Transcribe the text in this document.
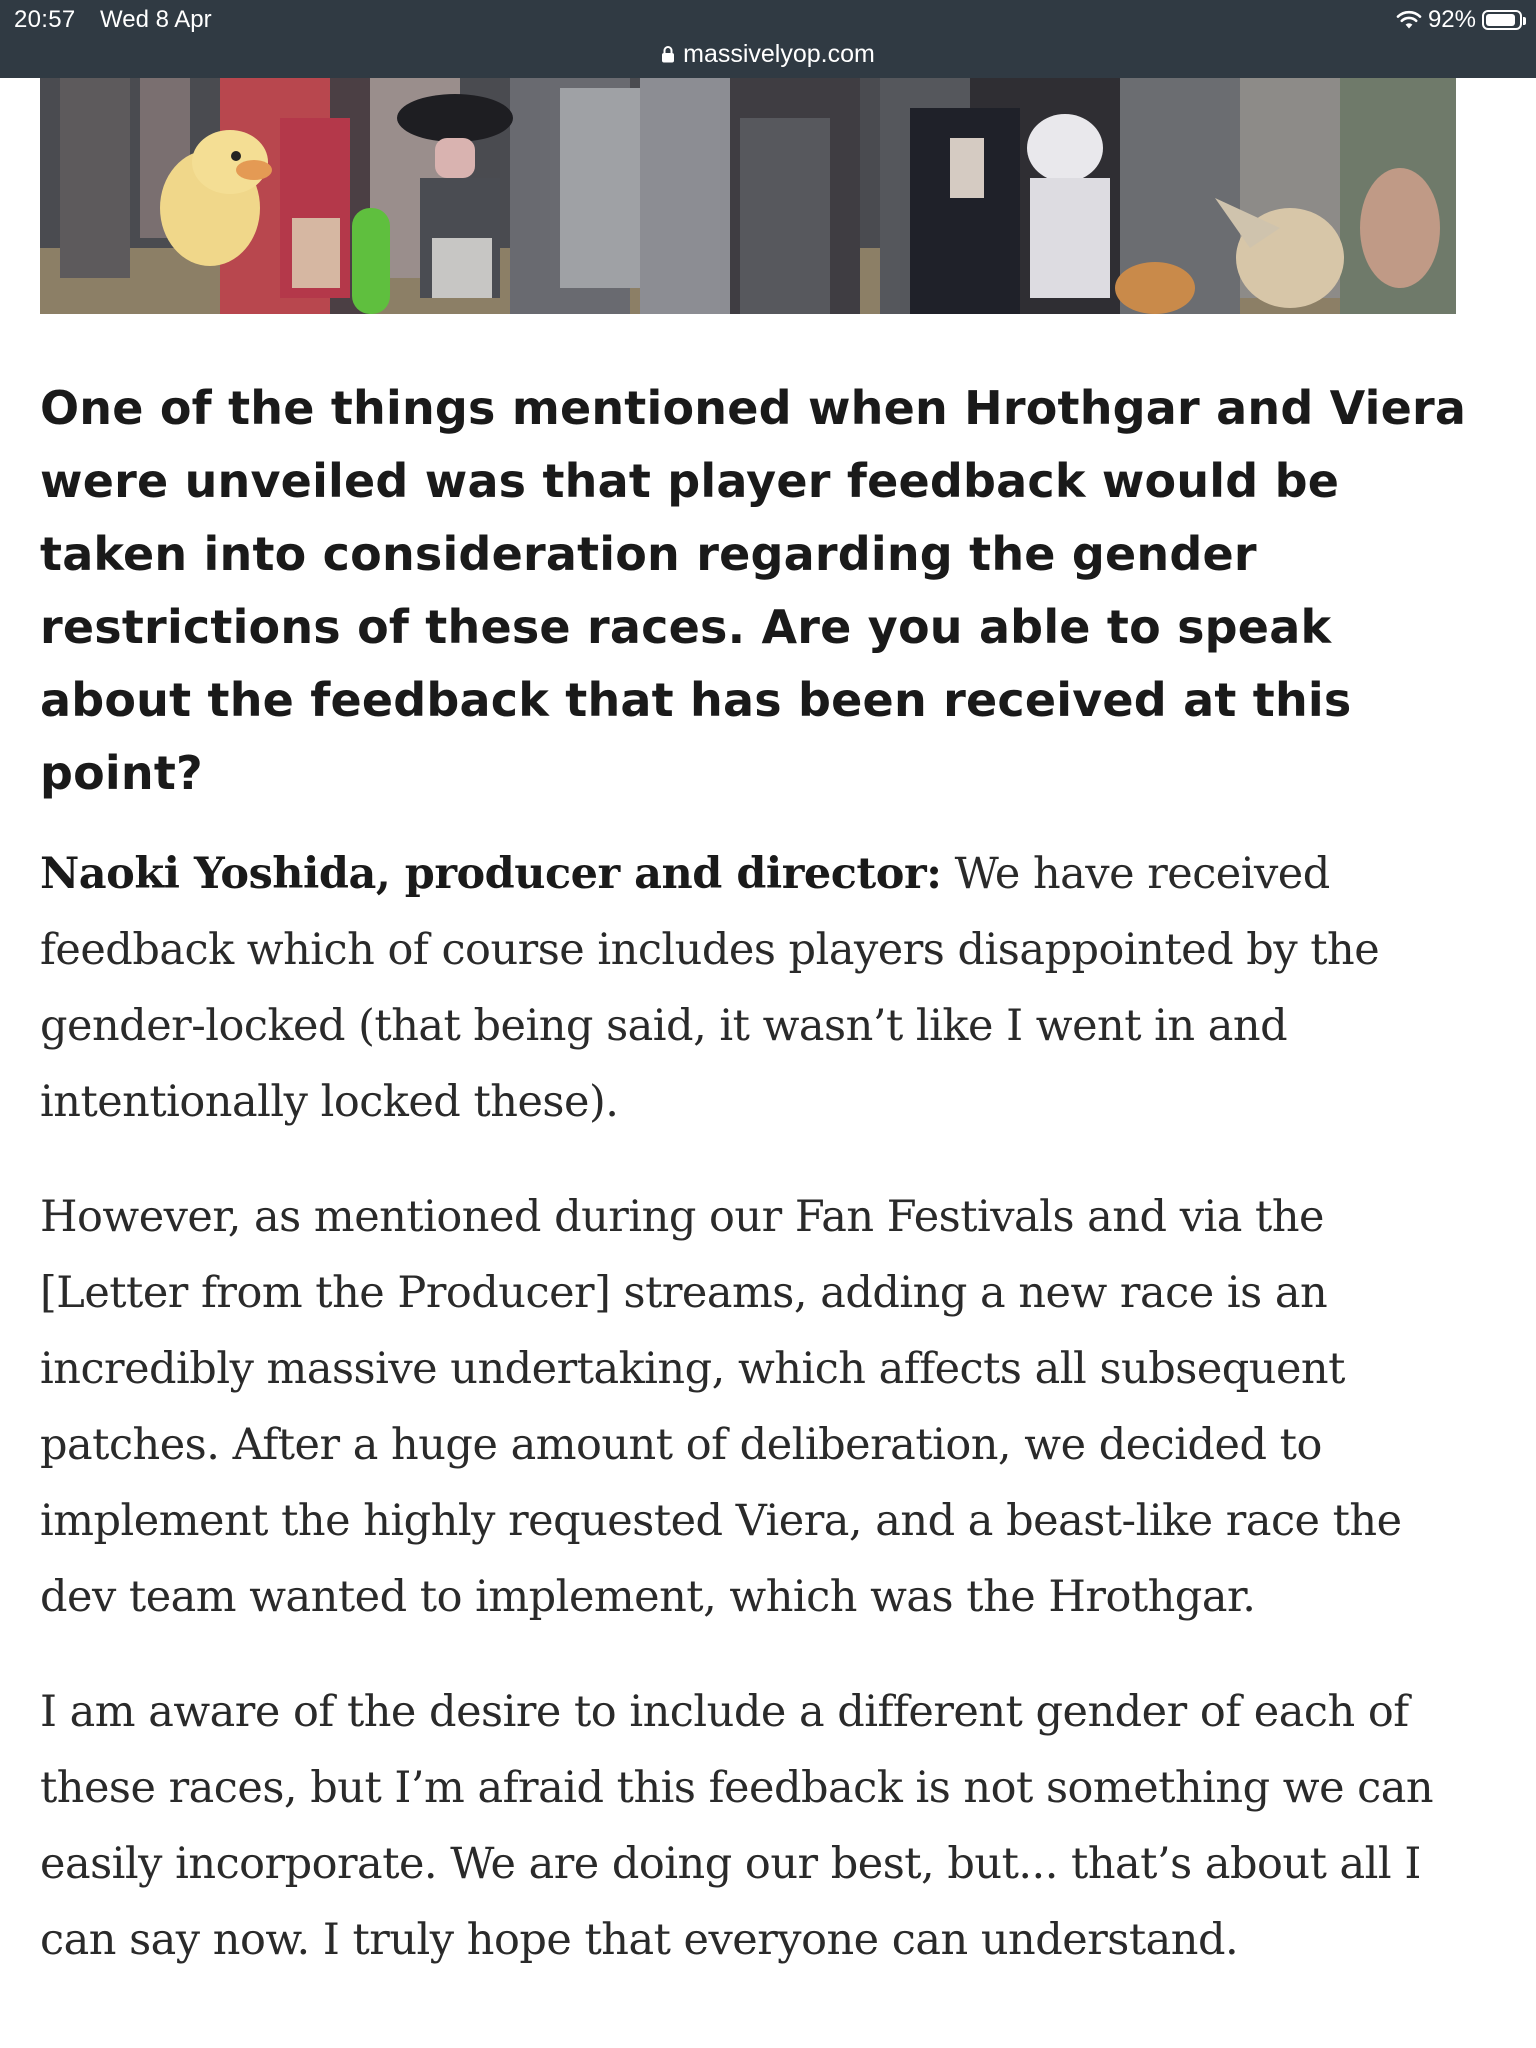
20:57 Wed 8 Apr	92%
massivelyop.com

One of the things mentioned when Hrothgar and Viera were unveiled was that player feedback would be taken into consideration regarding the gender restrictions of these races. Are you able to speak about the feedback that has been received at this point?

Naoki Yoshida, producer and director: We have received feedback which of course includes players disappointed by the gender-locked (that being said, it wasn’t like I went in and intentionally locked these).

However, as mentioned during our Fan Festivals and via the [Letter from the Producer] streams, adding a new race is an incredibly massive undertaking, which affects all subsequent patches. After a huge amount of deliberation, we decided to implement the highly requested Viera, and a beast-like race the dev team wanted to implement, which was the Hrothgar.

I am aware of the desire to include a different gender of each of these races, but I’m afraid this feedback is not something we can easily incorporate. We are doing our best, but... that’s about all I can say now. I truly hope that everyone can understand.
